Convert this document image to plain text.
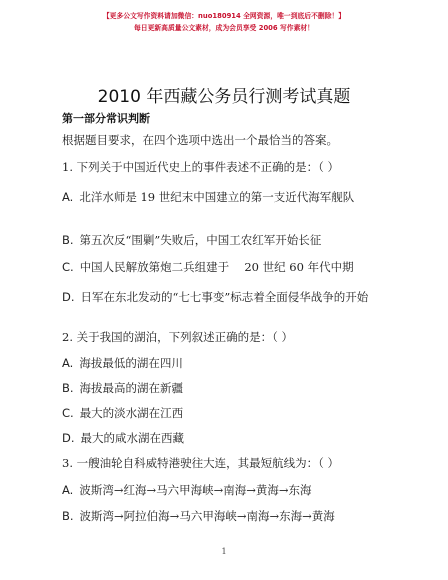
【更多公文写作资料请加微信：nuo180914 全网资源，唯一到底后不删除！】
每日更新高质量公文素材，成为会员享受 2006 写作素材！
2010 年西藏公务员行测考试真题
第一部分常识判断
根据题目要求，在四个选项中选出一个最恰当的答案。
1. 下列关于中国近代史上的事件表述不正确的是：（ ）
A. 北洋水师是 19 世纪末中国建立的第一支近代海军舰队
B. 第五次反“围剿”失败后，中国工农红军开始长征
C. 中国人民解放第炮二兵组建于　 20 世纪 60 年代中期
D. 日军在东北发动的“七七事变”标志着全面侵华战争的开始
2. 关于我国的湖泊，下列叙述正确的是：（ ）
A. 海拔最低的湖在四川
B. 海拔最高的湖在新疆
C. 最大的淡水湖在江西
D. 最大的咸水湖在西藏
3. 一艘油轮自科威特港驶往大连，其最短航线为：（ ）
A. 波斯湾→红海→马六甲海峡→南海→黄海→东海
B. 波斯湾→阿拉伯海→马六甲海峡→南海→东海→黄海
1
